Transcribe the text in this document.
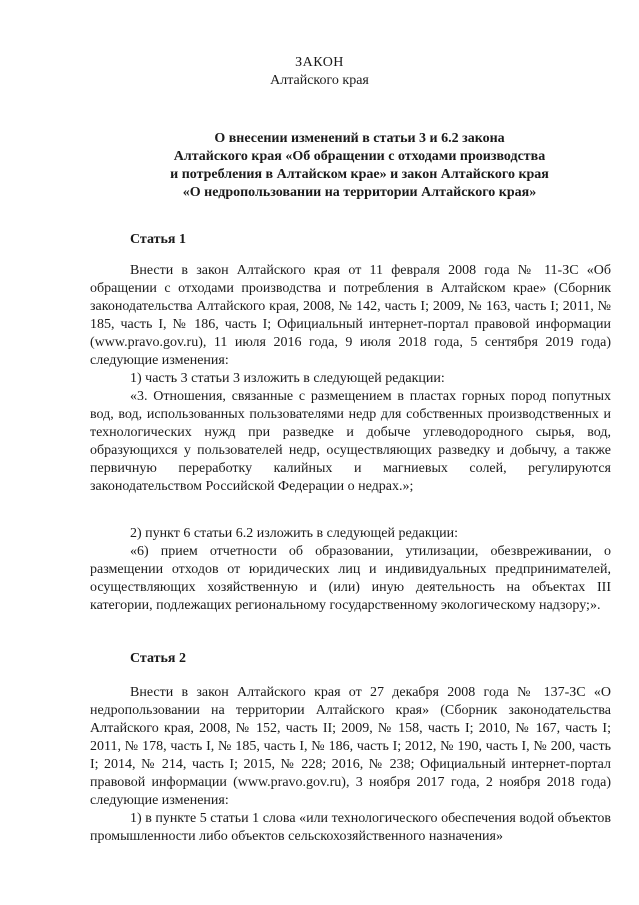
ЗАКОН
Алтайского края
О внесении изменений в статьи 3 и 6.2 закона
Алтайского края «Об обращении с отходами производства
и потребления в Алтайском крае» и закон Алтайского края
«О недропользовании на территории Алтайского края»
Статья 1

Внести в закон Алтайского края от 11 февраля 2008 года № 11-ЗС «Об обращении с отходами производства и потребления в Алтайском крае» (Сборник законодательства Алтайского края, 2008, № 142, часть I; 2009, № 163, часть I; 2011, № 185, часть I, № 186, часть I; Официальный интернет-портал правовой информации (www.pravo.gov.ru), 11 июля 2016 года, 9 июля 2018 года, 5 сентября 2019 года) следующие изменения:

1) часть 3 статьи 3 изложить в следующей редакции:

«3. Отношения, связанные с размещением в пластах горных пород попутных вод, вод, использованных пользователями недр для собственных производственных и технологических нужд при разведке и добыче углеводородного сырья, вод, образующихся у пользователей недр, осуществляющих разведку и добычу, а также первичную переработку калийных и магниевых солей, регулируются законодательством Российской Федерации о недрах.»;

2) пункт 6 статьи 6.2 изложить в следующей редакции:

«6) прием отчетности об образовании, утилизации, обезвреживании, о размещении отходов от юридических лиц и индивидуальных предпринимателей, осуществляющих хозяйственную и (или) иную деятельность на объектах III категории, подлежащих региональному государственному экологическому надзору;».

Статья 2

Внести в закон Алтайского края от 27 декабря 2008 года № 137-ЗС «О недропользовании на территории Алтайского края» (Сборник законодательства Алтайского края, 2008, № 152, часть II; 2009, № 158, часть I; 2010, № 167, часть I; 2011, № 178, часть I, № 185, часть I, № 186, часть I; 2012, № 190, часть I, № 200, часть I; 2014, № 214, часть I; 2015, № 228; 2016, № 238; Официальный интернет-портал правовой информации (www.pravo.gov.ru), 3 ноября 2017 года, 2 ноября 2018 года) следующие изменения:

1) в пункте 5 статьи 1 слова «или технологического обеспечения водой объектов промышленности либо объектов сельскохозяйственного назначения»
